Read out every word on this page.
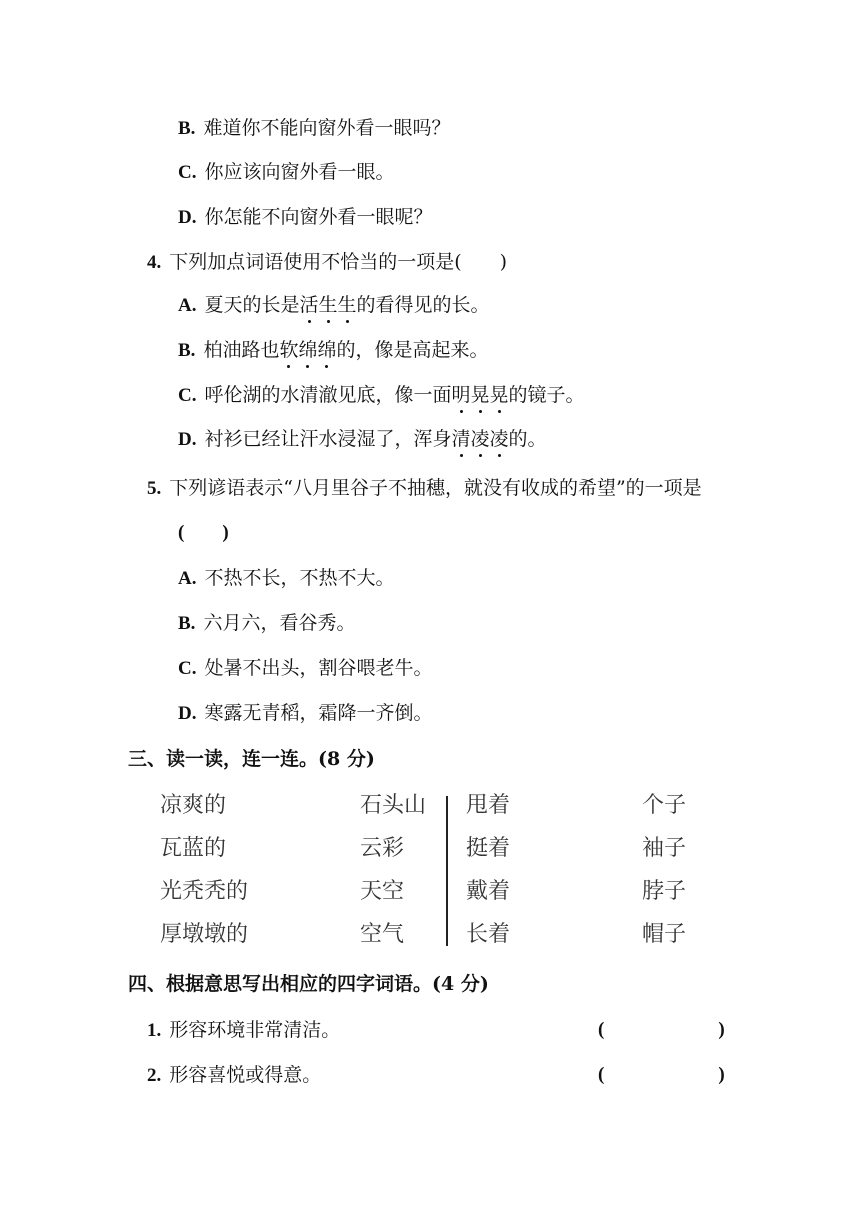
B. 难道你不能向窗外看一眼吗？
C. 你应该向窗外看一眼。
D. 你怎能不向窗外看一眼呢？
4. 下列加点词语使用不恰当的一项是(　　)
A. 夏天的长是活生生的看得见的长。
B. 柏油路也软绵绵的，像是高起来。
C. 呼伦湖的水清澈见底，像一面明晃晃的镜子。
D. 衬衫已经让汗水浸湿了，浑身清凌凌的。
5. 下列谚语表示“八月里谷子不抽穗，就没有收成的希望”的一项是
(　　)
A. 不热不长，不热不大。
B. 六月六，看谷秀。
C. 处暑不出头，割谷喂老牛。
D. 寒露无青稻，霜降一齐倒。
三、读一读，连一连。(8 分)
凉爽的
瓦蓝的
光秃秃的
厚墩墩的
石头山
云彩
天空
空气
甩着
挺着
戴着
长着
个子
袖子
脖子
帽子
四、根据意思写出相应的四字词语。(4 分)
1. 形容环境非常清洁。	(　　　　　　)
2. 形容喜悦或得意。	(　　　　　　)
